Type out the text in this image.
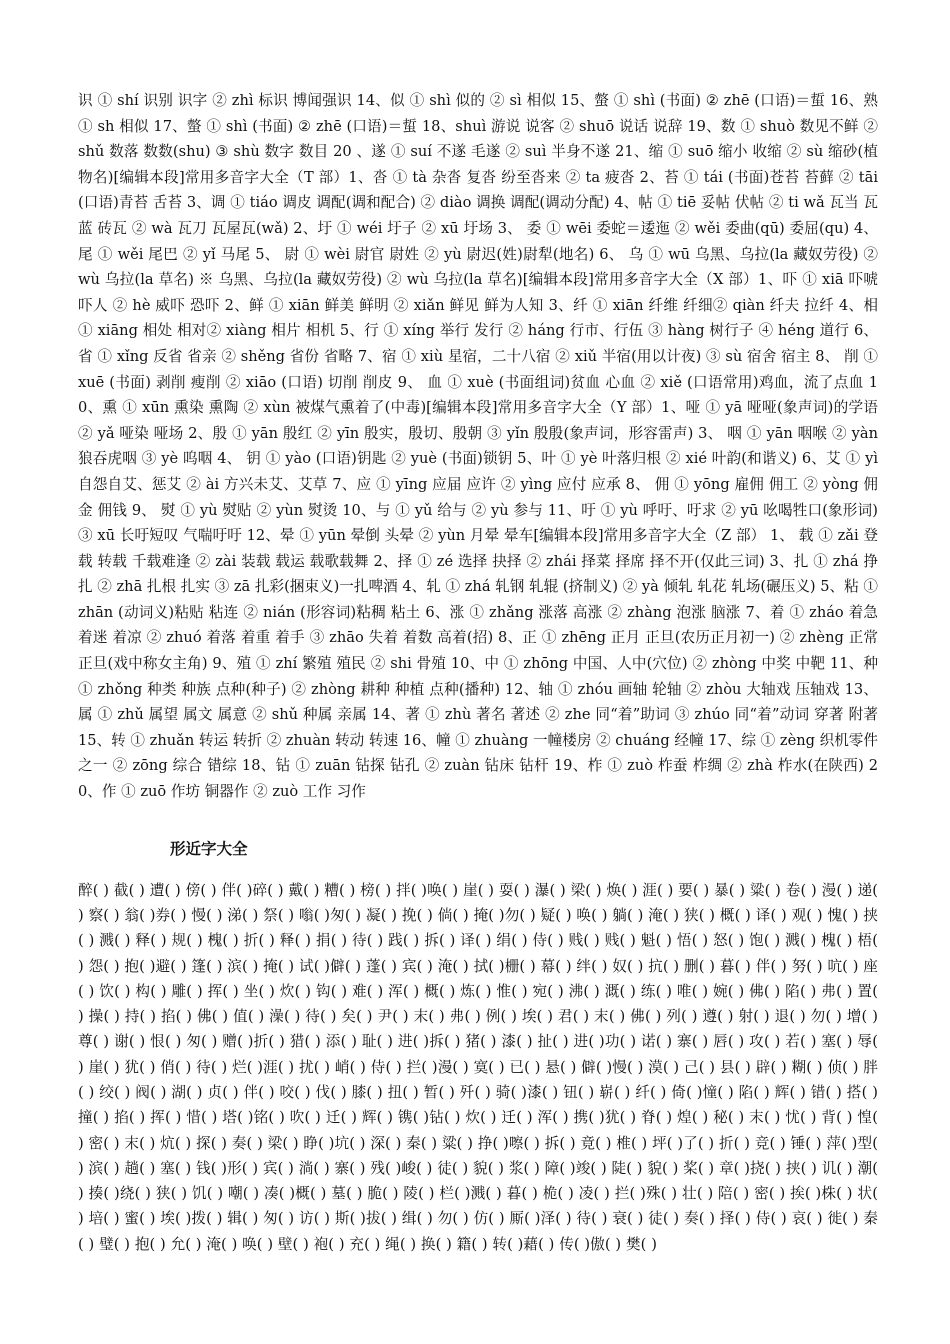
识 ① shí 识别 识字 ② zhì 标识 博闻强识 14、似 ① shì 似的 ② sì 相似 15、螫 ① shì (书面) ② zhē (口语)＝蜇 16、熟 ① sh 相似 17、螫 ① shì (书面) ② zhē (口语)＝蜇 18、shuì 游说 说客 ② shuō 说话 说辞 19、数 ① shuò 数见不鲜 ② shǔ 数落 数数(shu) ③ shù 数字 数目 20 、遂 ① suí 不遂 毛遂 ② suì 半身不遂 21、缩 ① suō 缩小 收缩 ② sù 缩砂(植物名)[编辑本段]常用多音字大全（T 部）1、沓 ① tà 杂沓 复沓 纷至沓来 ② ta 疲沓 2、苔 ① tái (书面)苍苔 苔藓 ② tāi (口语)青苔 舌苔 3、调 ① tiáo 调皮 调配(调和配合) ② diào 调换 调配(调动分配) 4、帖 ① tiē 妥帖 伏帖 ② ti wǎ 瓦当 瓦蓝 砖瓦 ② wà 瓦刀 瓦屋瓦(wǎ) 2、圩 ① wéi 圩子 ② xū 圩场 3、 委 ① wēi 委蛇＝逶迤 ② wěi 委曲(qū) 委屈(qu) 4、 尾 ① wěi 尾巴 ② yǐ 马尾 5、 尉 ① wèi 尉官 尉姓 ② yù 尉迟(姓)尉犁(地名) 6、 乌 ① wū 乌黑、乌拉(la 藏奴劳役) ② wù 乌拉(la 草名) ※ 乌黑、乌拉(la 藏奴劳役) ② wù 乌拉(la 草名)[编辑本段]常用多音字大全（X 部）1、吓 ① xiā 吓唬 吓人 ② hè 威吓 恐吓 2、鲜 ① xiān 鲜美 鲜明 ② xiǎn 鲜见 鲜为人知 3、纤 ① xiān 纤维 纤细② qiàn 纤夫 拉纤 4、相 ① xiāng 相处 相对② xiàng 相片 相机 5、行 ① xíng 举行 发行 ② háng 行市、行伍 ③ hàng 树行子 ④ héng 道行 6、省 ① xǐng 反省 省亲 ② shěng 省份 省略 7、宿 ① xiù 星宿，二十八宿 ② xiǔ 半宿(用以计夜) ③ sù 宿舍 宿主 8、 削 ① xuē (书面) 剥削 瘦削 ② xiāo (口语) 切削 削皮 9、 血 ① xuè (书面组词)贫血 心血 ② xiě (口语常用)鸡血，流了点血 10、熏 ① xūn 熏染 熏陶 ② xùn 被煤气熏着了(中毒)[编辑本段]常用多音字大全（Y 部）1、哑 ① yā 哑哑(象声词)的学语 ② yǎ 哑染 哑场 2、殷 ① yān 殷红 ② yīn 殷实，殷切、殷朝 ③ yǐn 殷殷(象声词，形容雷声) 3、 咽 ① yān 咽喉 ② yàn 狼吞虎咽 ③ yè 呜咽 4、 钥 ① yào (口语)钥匙 ② yuè (书面)锁钥 5、叶 ① yè 叶落归根 ② xié 叶韵(和谐义) 6、艾 ① yì 自怨自艾、惩艾 ② ài 方兴未艾、艾草 7、应 ① yīng 应届 应许 ② yìng 应付 应承 8、 佣 ① yōng 雇佣 佣工 ② yòng 佣金 佣钱 9、 熨 ① yù 熨贴 ② yùn 熨烫 10、与 ① yǔ 给与 ② yù 参与 11、吁 ① yù 呼吁、吁求 ② yū 吆喝牲口(象形词) ③ xū 长吁短叹 气喘吁吁 12、晕 ① yūn 晕倒 头晕 ② yùn 月晕 晕车[编辑本段]常用多音字大全（Z 部） 1、 载 ① zǎi 登载 转载 千载难逢 ② zài 装载 载运 载歌载舞 2、择 ① zé 选择 抉择 ② zhái 择菜 择席 择不开(仅此三词) 3、扎 ① zhá 挣扎 ② zhā 扎根 扎实 ③ zā 扎彩(捆束义)一扎啤酒 4、轧 ① zhá 轧钢 轧辊 (挤制义) ② yà 倾轧 轧花 轧场(碾压义) 5、粘 ① zhān (动词义)粘贴 粘连 ② nián (形容词)粘稠 粘土 6、涨 ① zhǎng 涨落 高涨 ② zhàng 泡涨 脑涨 7、着 ① zháo 着急 着迷 着凉 ② zhuó 着落 着重 着手 ③ zhāo 失着 着数 高着(招) 8、正 ① zhēng 正月 正旦(农历正月初一) ② zhèng 正常 正旦(戏中称女主角) 9、殖 ① zhí 繁殖 殖民 ② shi 骨殖 10、中 ① zhōng 中国、人中(穴位) ② zhòng 中奖 中靶 11、种 ① zhǒng 种类 种族 点种(种子) ② zhòng 耕种 种植 点种(播种) 12、轴 ① zhóu 画轴 轮轴 ② zhòu 大轴戏 压轴戏 13、属 ① zhǔ 属望 属文 属意 ② shǔ 种属 亲属 14、著 ① zhù 著名 著述 ② zhe 同“着”助词 ③ zhúo 同“着”动词 穿著 附著 15、转 ① zhuǎn 转运 转折 ② zhuàn 转动 转速 16、幢 ① zhuàng 一幢楼房 ② chuáng 经幢 17、综 ① zèng 织机零件之一 ② zōng 综合 错综 18、钻 ① zuān 钻探 钻孔 ② zuàn 钻床 钻杆 19、柞 ① zuò 柞蚕 柞绸 ② zhà 柞水(在陕西) 20、作 ① zuō 作坊 铜器作 ② zuò 工作 习作

形近字大全

醉( ) 截( ) 遭( ) 傍( ) 伴( )碎( ) 戴( ) 糟( ) 榜( ) 拌( )唤( ) 崖( ) 耍( ) 瀑( ) 梁( ) 焕( ) 涯( ) 要( ) 暴( ) 粱( ) 卷( ) 漫( ) 递( ) 察( ) 翁( )券( ) 慢( ) 涕( ) 祭( ) 嗡( )匆( ) 凝( ) 挽( ) 倘( ) 掩( )勿( ) 疑( ) 唤( ) 躺( ) 淹( ) 狭( ) 概( ) 译( ) 观( ) 愧( ) 挟( ) 溅( ) 释( ) 规( ) 槐( ) 折( ) 释( ) 捐( ) 待( ) 践( ) 拆( ) 译( ) 绢( ) 侍( ) 贱( ) 贱( ) 魁( ) 悟( ) 怒( ) 饱( ) 溅( ) 槐( ) 梧( ) 怨( ) 抱( )避( ) 篷( ) 滨( ) 掩( ) 试( )僻( ) 蓬( ) 宾( ) 淹( ) 拭( )栅( ) 幕( ) 绊( ) 奴( ) 抗( ) 删( ) 暮( ) 伴( ) 努( ) 吭( ) 座( ) 饮( ) 构( ) 雕( ) 挥( ) 坐( ) 炊( ) 钩( ) 难( ) 浑( ) 概( ) 炼( ) 惟( ) 宛( ) 沸( ) 溉( ) 练( ) 唯( ) 婉( ) 佛( ) 陷( ) 弗( ) 置( ) 操( ) 持( ) 掐( ) 佛( ) 值( ) 澡( ) 待( ) 矣( ) 尹( ) 末( ) 弗( ) 例( ) 埃( ) 君( ) 末( ) 佛( ) 列( ) 遵( ) 射( ) 退( ) 勿( ) 增( )尊( ) 谢( ) 恨( ) 匆( ) 赠( )折( ) 猎( ) 添( ) 耻( ) 进( )拆( ) 猪( ) 漆( ) 扯( ) 进( )功( ) 诺( ) 寨( ) 唇( ) 攻( ) 若( ) 塞( ) 辱( ) 崖( ) 犹( ) 俏( ) 待( ) 烂( )涯( ) 扰( ) 峭( ) 侍( ) 拦( )漫( ) 寞( ) 已( ) 悬( ) 僻( )慢( ) 漠( ) 己( ) 县( ) 辟( ) 糊( ) 侦( ) 胖( ) 绞( ) 阀( ) 湖( ) 贞( ) 伴( ) 咬( ) 伐( ) 膝( ) 扭( ) 暂( ) 歼( ) 骑( )漆( ) 钮( ) 崭( ) 纤( ) 倚( )憧( ) 陷( ) 辉( ) 错( ) 搭( )撞( ) 掐( ) 挥( ) 惜( ) 塔( )铭( ) 吹( ) 迁( ) 辉( ) 镌( )钻( ) 炊( ) 迁( ) 浑( ) 携( )犹( ) 脊( ) 煌( ) 秘( ) 末( ) 忧( ) 背( ) 惶( ) 密( ) 末( ) 炕( ) 探( ) 奏( ) 梁( ) 睁( )坑( ) 深( ) 秦( ) 粱( ) 挣( )嚓( ) 拆( ) 竟( ) 椎( ) 坪( )了( ) 折( ) 竞( ) 锤( ) 萍( )型( ) 滨( ) 趟( ) 塞( ) 钱( )形( ) 宾( ) 淌( ) 寨( ) 残( )峻( ) 徒( ) 貌( ) 浆( ) 障( )竣( ) 陡( ) 貌( ) 桨( ) 章( )挠( ) 挟( ) 讥( ) 潮( ) 揍( )绕( ) 狭( ) 饥( ) 嘲( ) 凑( )概( ) 墓( ) 脆( ) 陵( ) 栏( )溅( ) 暮( ) 桅( ) 凌( ) 拦( )殊( ) 壮( ) 陪( ) 密( ) 挨( )株( ) 状( ) 培( ) 蜜( ) 埃( )拨( ) 辑( ) 匆( ) 访( ) 斯( )拔( ) 缉( ) 勿( ) 仿( ) 厮( )泽( ) 待( ) 衰( ) 徒( ) 奏( ) 择( ) 侍( ) 哀( ) 徙( ) 秦( ) 璧( ) 抱( ) 允( ) 淹( ) 唤( ) 壁( ) 袍( ) 充( ) 绳( ) 换( ) 籍( ) 转( )藉( ) 传( )傲( ) 樊( )
